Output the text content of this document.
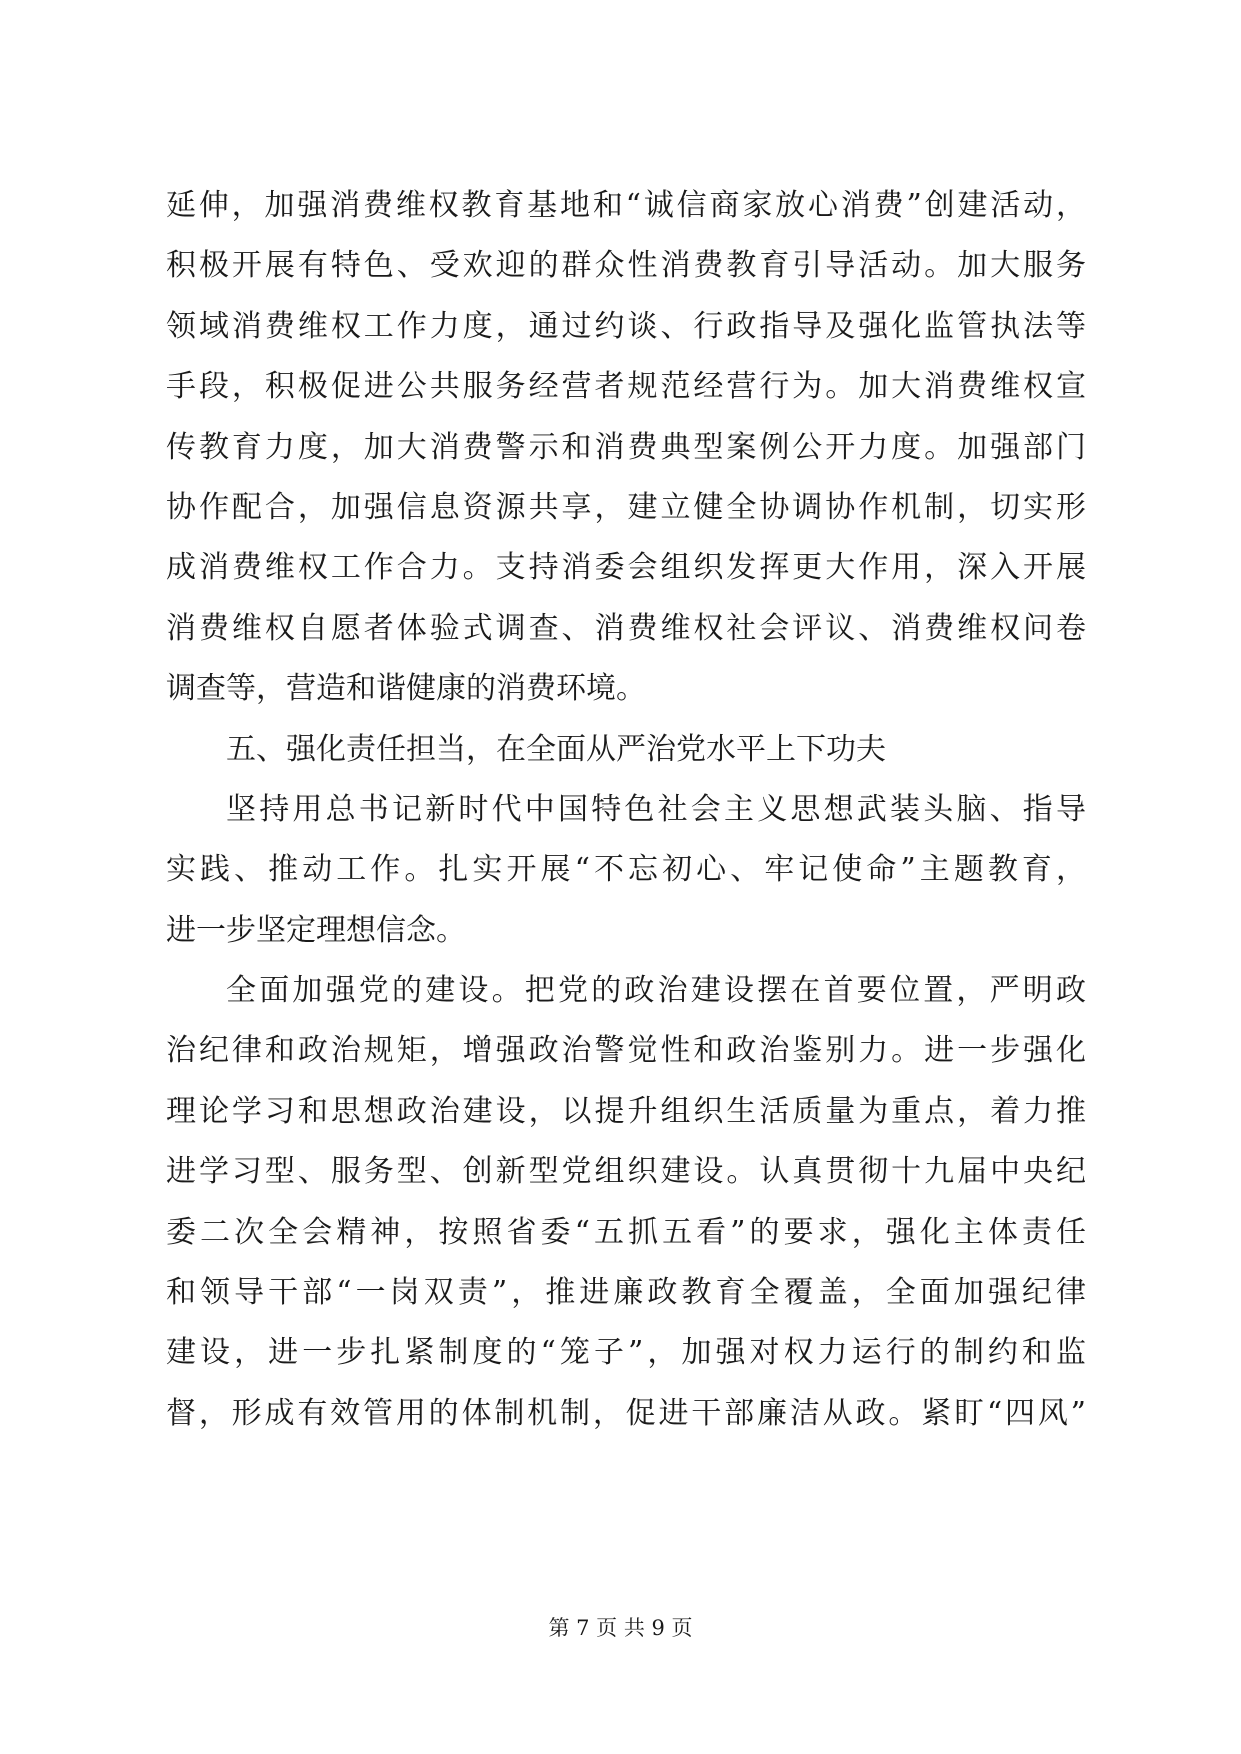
延伸，加强消费维权教育基地和“诚信商家放心消费”创建活动，
积极开展有特色、受欢迎的群众性消费教育引导活动。加大服务
领域消费维权工作力度，通过约谈、行政指导及强化监管执法等
手段，积极促进公共服务经营者规范经营行为。加大消费维权宣
传教育力度，加大消费警示和消费典型案例公开力度。加强部门
协作配合，加强信息资源共享，建立健全协调协作机制，切实形
成消费维权工作合力。支持消委会组织发挥更大作用，深入开展
消费维权自愿者体验式调查、消费维权社会评议、消费维权问卷
调查等，营造和谐健康的消费环境。
五、强化责任担当，在全面从严治党水平上下功夫
坚持用总书记新时代中国特色社会主义思想武装头脑、指导
实践、推动工作。扎实开展“不忘初心、牢记使命”主题教育，
进一步坚定理想信念。
全面加强党的建设。把党的政治建设摆在首要位置，严明政
治纪律和政治规矩，增强政治警觉性和政治鉴别力。进一步强化
理论学习和思想政治建设，以提升组织生活质量为重点，着力推
进学习型、服务型、创新型党组织建设。认真贯彻十九届中央纪
委二次全会精神，按照省委“五抓五看”的要求，强化主体责任
和领导干部“一岗双责”，推进廉政教育全覆盖，全面加强纪律
建设，进一步扎紧制度的“笼子”，加强对权力运行的制约和监
督，形成有效管用的体制机制，促进干部廉洁从政。紧盯“四风”
第 7 页 共 9 页
